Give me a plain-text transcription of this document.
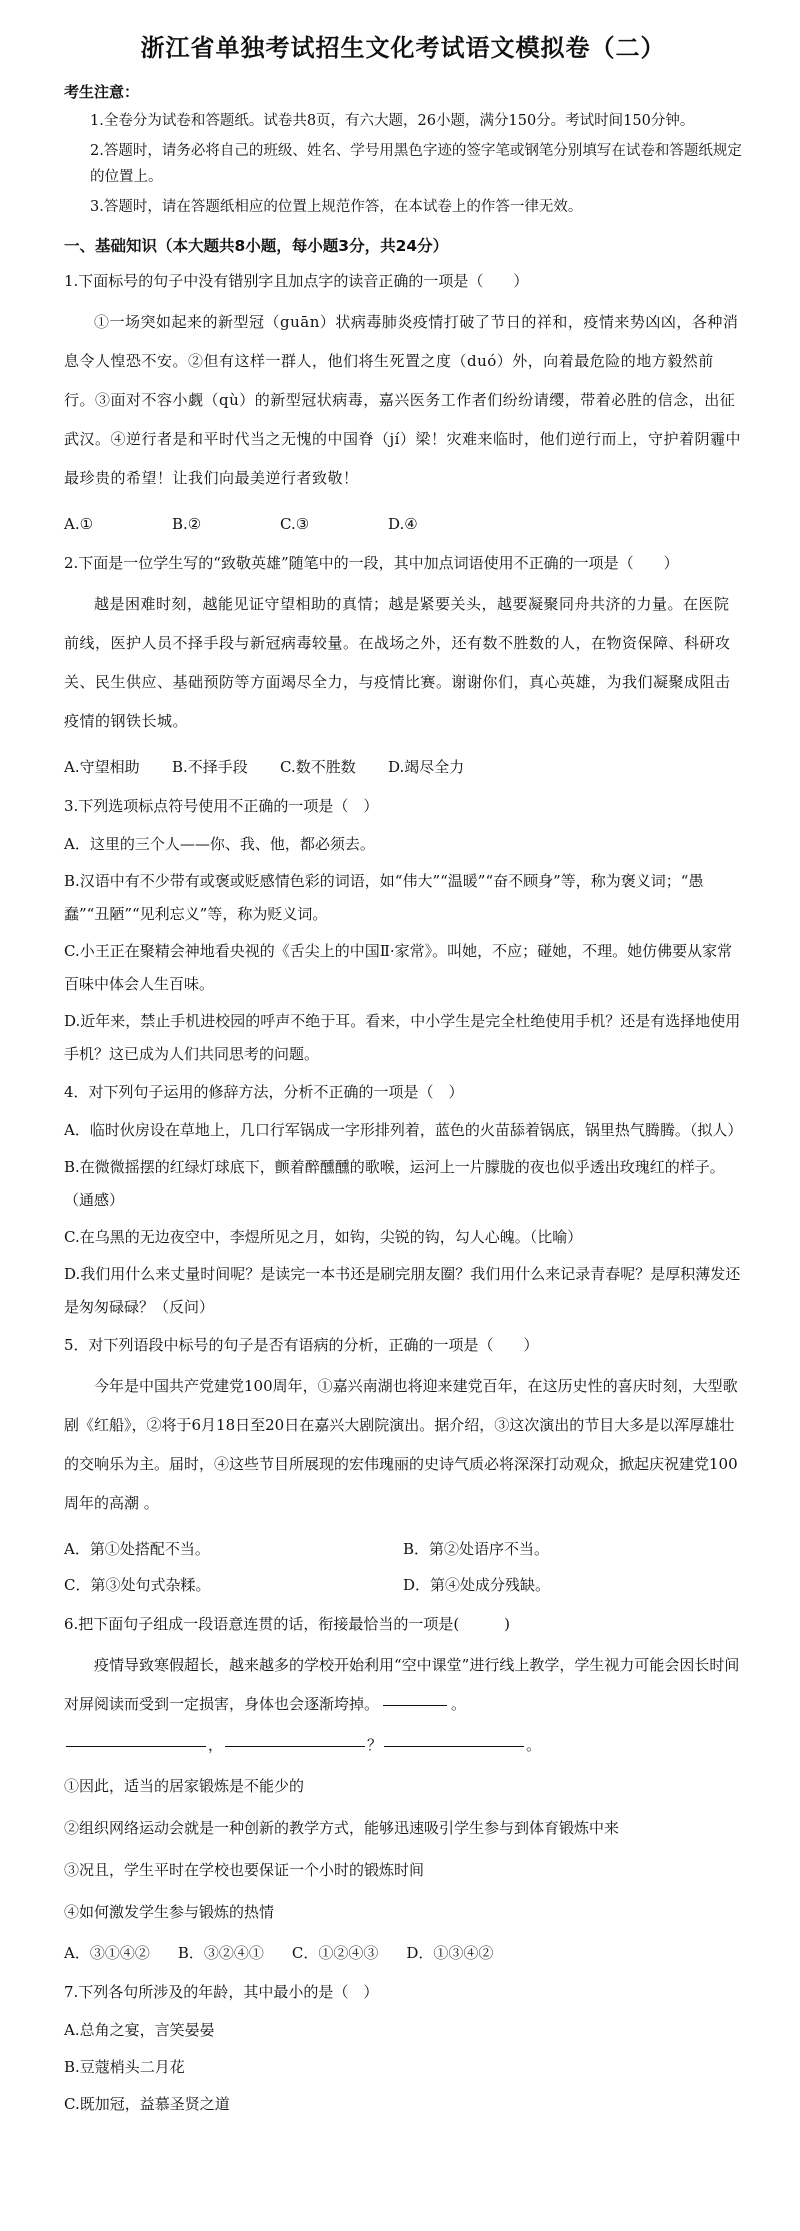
浙江省单独考试招生文化考试语文模拟卷（二）
考生注意：

1.全卷分为试卷和答题纸。试卷共8页，有六大题，26小题，满分150分。考试时间150分钟。

2.答题时，请务必将自己的班级、姓名、学号用黑色字迹的签字笔或钢笔分别填写在试卷和答题纸规定的位置上。

3.答题时，请在答题纸相应的位置上规范作答，在本试卷上的作答一律无效。

一、基础知识（本大题共8小题，每小题3分，共24分）

1.下面标号的句子中没有错别字且加点字的读音正确的一项是（　　）

①一场突如起来的新型冠（guān）状病毒肺炎疫情打破了节日的祥和，疫情来势凶凶，各种消息令人惶恐不安。②但有这样一群人，他们将生死置之度（duó）外，向着最危险的地方毅然前行。③面对不容小觑（qù）的新型冠状病毒，嘉兴医务工作者们纷纷请缨，带着必胜的信念，出征武汉。④逆行者是和平时代当之无愧的中国脊（jí）梁！灾难来临时，他们逆行而上，守护着阴霾中最珍贵的希望！让我们向最美逆行者致敬！

A.①	B.②	C.③	D.④

2.下面是一位学生写的“致敬英雄”随笔中的一段，其中加点词语使用不正确的一项是（　　）

越是困难时刻，越能见证守望相助的真情；越是紧要关头，越要凝聚同舟共济的力量。在医院前线，医护人员不择手段与新冠病毒较量。在战场之外，还有数不胜数的人，在物资保障、科研攻关、民生供应、基础预防等方面竭尽全力，与疫情比赛。谢谢你们，真心英雄，为我们凝聚成阻击疫情的钢铁长城。

A.守望相助 B.不择手段 C.数不胜数 D.竭尽全力

3.下列选项标点符号使用不正确的一项是（　）

A．这里的三个人——你、我、他，都必须去。

B.汉语中有不少带有或褒或贬感情色彩的词语，如“伟大”“温暖”“奋不顾身”等，称为褒义词；“愚蠢”“丑陋”“见利忘义”等，称为贬义词。

C.小王正在聚精会神地看央视的《舌尖上的中国Ⅱ·家常》。叫她，不应；碰她，不理。她仿佛要从家常百味中体会人生百味。

D.近年来，禁止手机进校园的呼声不绝于耳。看来，中小学生是完全杜绝使用手机？还是有选择地使用手机？这已成为人们共同思考的问题。

4．对下列句子运用的修辞方法，分析不正确的一项是（　）

A．临时伙房设在草地上，几口行军锅成一字形排列着，蓝色的火苗舔着锅底，锅里热气腾腾。（拟人）

B.在微微摇摆的红绿灯球底下，颤着醉醺醺的歌喉，运河上一片朦胧的夜也似乎透出玫瑰红的样子。（通感）

C.在乌黑的无边夜空中，李煜所见之月，如钩，尖锐的钩，勾人心魄。（比喻）

D.我们用什么来丈量时间呢？是读完一本书还是刷完朋友圈？我们用什么来记录青春呢？是厚积薄发还是匆匆碌碌？（反问）

5．对下列语段中标号的句子是否有语病的分析，正确的一项是（　　）

今年是中国共产党建党100周年，①嘉兴南湖也将迎来建党百年，在这历史性的喜庆时刻，大型歌剧《红船》，②将于6月18日至20日在嘉兴大剧院演出。据介绍，③这次演出的节目大多是以浑厚雄壮的交响乐为主。届时，④这些节目所展现的宏伟瑰丽的史诗气质必将深深打动观众，掀起庆祝建党100周年的高潮 。

A．第①处搭配不当。	B．第②处语序不当。
C．第③处句式杂糅。	D．第④处成分残缺。

6.把下面句子组成一段语意连贯的话，衔接最恰当的一项是(　　　)

疫情导致寒假超长，越来越多的学校开始利用“空中课堂”进行线上教学，学生视力可能会因长时间对屏阅读而受到一定损害，身体也会逐渐垮掉。	。

，	？	。

①因此，适当的居家锻炼是不能少的

②组织网络运动会就是一种创新的教学方式，能够迅速吸引学生参与到体育锻炼中来

③况且，学生平时在学校也要保证一个小时的锻炼时间

④如何激发学生参与锻炼的热情

A．③①④② B．③②④① C．①②④③ D．①③④②

7.下列各句所涉及的年龄，其中最小的是（　）

A.总角之宴，言笑晏晏

B.豆蔻梢头二月花

C.既加冠，益慕圣贤之道
